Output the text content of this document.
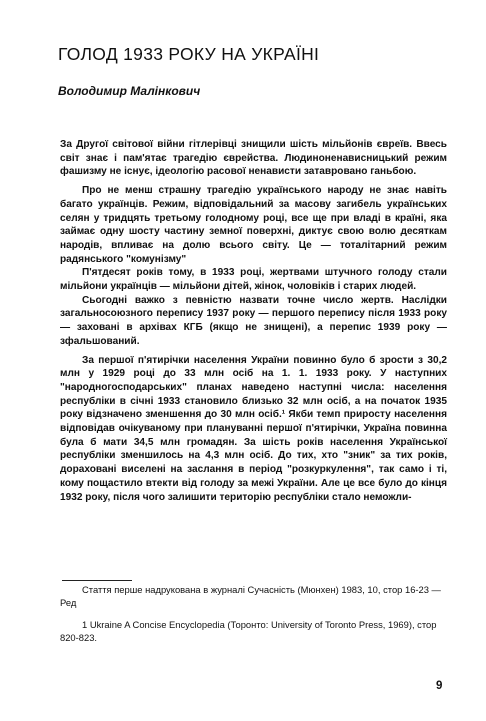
ГОЛОД 1933 РОКУ НА УКРАЇНІ
Володимир Малінкович

За Другої світової війни гітлерівці знищили шість мільйонів євреїв. Ввесь світ знає і пам'ятає трагедію єврейства. Людиноненависницький режим фашизму не існує, ідеологію расової ненависти затавровано ганьбою.

Про не менш страшну трагедію українського народу не знає навіть багато українців. Режим, відповідальний за масову загибель українських селян у тридцять третьому голодному році, все ще при владі в країні, яка займає одну шосту частину земної поверхні, диктує свою волю десяткам народів, впливає на долю всього світу. Це — тоталітарний режим радянського "комунізму"

П'ятдесят років тому, в 1933 році, жертвами штучного голоду стали мільйони українців — мільйони дітей, жінок, чоловіків і старих людей.

Сьогодні важко з певністю назвати точне число жертв. Наслідки загальносоюзного перепису 1937 року — першого перепису після 1933 року — заховані в архівах КГБ (якщо не знищені), а перепис 1939 року — зфальшований.

За першої п'ятирічки населення України повинно було б зрости з 30,2 млн у 1929 році до 33 млн осіб на 1. 1. 1933 року. У наступних "народногосподарських" планах наведено наступні числа: населення республіки в січні 1933 становило близько 32 млн осіб, а на початок 1935 року відзначено зменшення до 30 млн осіб.¹ Якби темп приросту населення відповідав очікуваному при плануванні першої п'ятирічки, Україна повинна була б мати 34,5 млн громадян. За шість років населення Української республіки зменшилось на 4,3 млн осіб. До тих, хто "зник" за тих років, дораховані виселені на заслання в період "розкуркулення", так само і ті, кому пощастило втекти від голоду за межі України. Але це все було до кінця 1932 року, після чого залишити територію республіки стало неможли-

Стаття перше надрукована в журналі Сучасність (Мюнхен) 1983, 10, стор 16-23 — Ред

1 Ukraine A Concise Encyclopedia (Торонто: University of Toronto Press, 1969), стор 820-823.

9
